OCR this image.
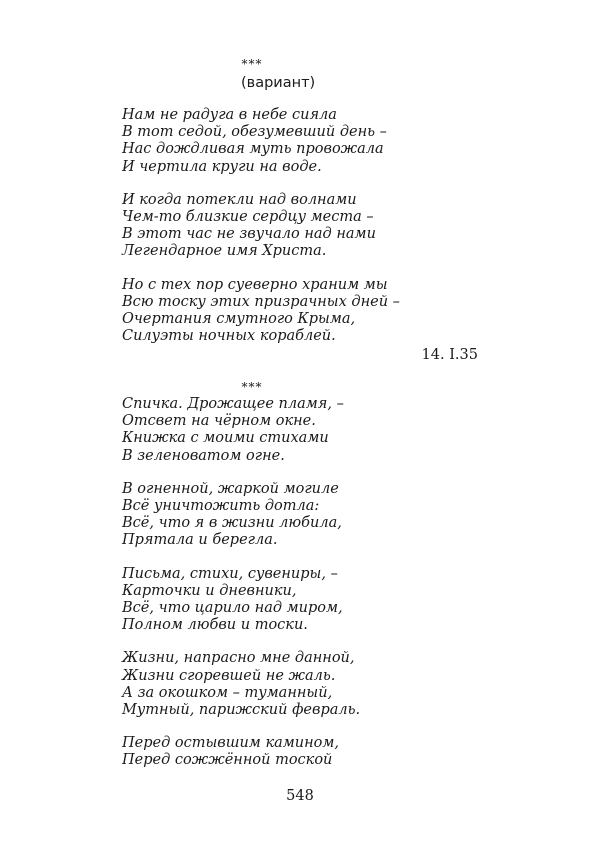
***
(вариант)
Нам не радуга в небе сияла
В тот седой, обезумевший день –
Нас дождливая муть провожала
И чертила круги на воде.
И когда потекли над волнами
Чем-то близкие сердцу места –
В этот час не звучало над нами
Легендарное имя Христа.
Но с тех пор суеверно храним мы
Всю тоску этих призрачных дней –
Очертания смутного Крыма,
Силуэты ночных кораблей.
14. I.35
***
Спичка. Дрожащее пламя, –
Отсвет на чёрном окне.
Книжка с моими стихами
В зеленоватом огне.
В огненной, жаркой могиле
Всё уничтожить дотла:
Всё, что я в жизни любила,
Прятала и берегла.
Письма, стихи, сувениры, –
Карточки и дневники,
Всё, что царило над миром,
Полном любви и тоски.
Жизни, напрасно мне данной,
Жизни сгоревшей не жаль.
А за окошком – туманный,
Мутный, парижский февраль.
Перед остывшим камином,
Перед сожжённой тоской
548
